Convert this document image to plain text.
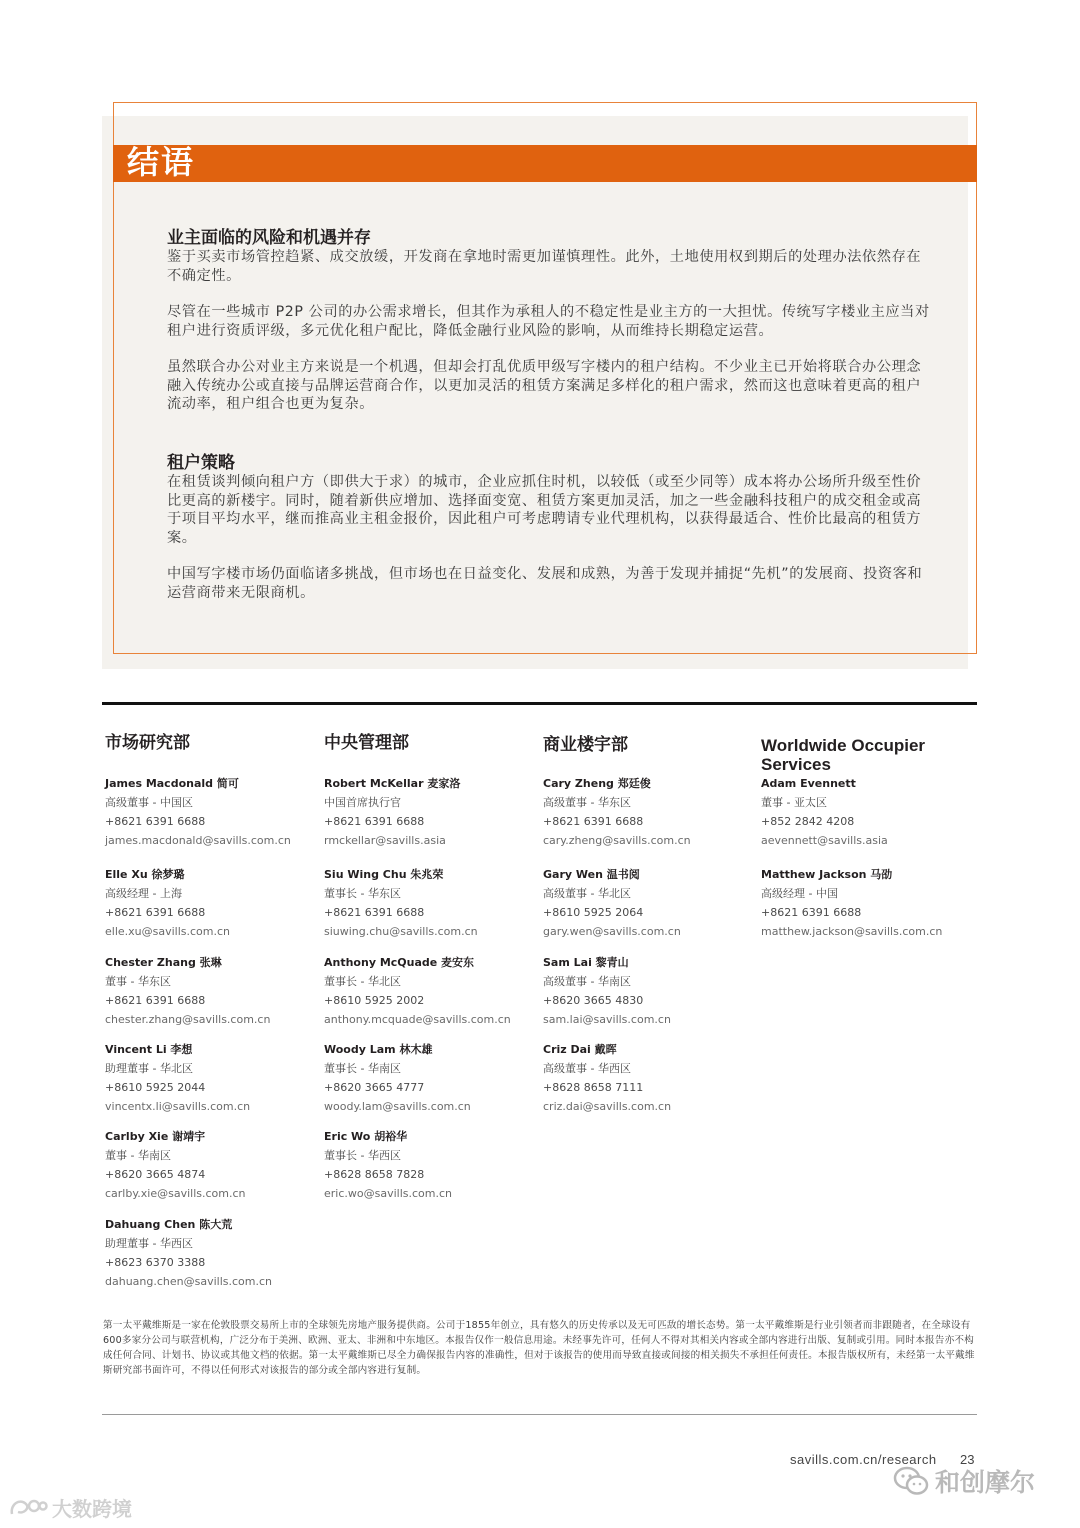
结语

业主面临的风险和机遇并存

鉴于买卖市场管控趋紧、成交放缓，开发商在拿地时需更加谨慎理性。此外，土地使用权到期后的处理办法依然存在不确定性。

尽管在一些城市 P2P 公司的办公需求增长，但其作为承租人的不稳定性是业主方的一大担忧。传统写字楼业主应当对租户进行资质评级，多元优化租户配比，降低金融行业风险的影响，从而维持长期稳定运营。

虽然联合办公对业主方来说是一个机遇，但却会打乱优质甲级写字楼内的租户结构。不少业主已开始将联合办公理念融入传统办公或直接与品牌运营商合作，以更加灵活的租赁方案满足多样化的租户需求，然而这也意味着更高的租户流动率，租户组合也更为复杂。

租户策略

在租赁谈判倾向租户方（即供大于求）的城市，企业应抓住时机，以较低（或至少同等）成本将办公场所升级至性价比更高的新楼宇。同时，随着新供应增加、选择面变宽、租赁方案更加灵活，加之一些金融科技租户的成交租金或高于项目平均水平，继而推高业主租金报价，因此租户可考虑聘请专业代理机构，以获得最适合、性价比最高的租赁方案。

中国写字楼市场仍面临诸多挑战，但市场也在日益变化、发展和成熟，为善于发现并捕捉“先机”的发展商、投资客和运营商带来无限商机。

市场研究部

James Macdonald 简可
高级董事 - 中国区
+8621 6391 6688
james.macdonald@savills.com.cn
Elle Xu 徐梦璐
高级经理 - 上海
+8621 6391 6688
elle.xu@savills.com.cn
Chester Zhang 张琳
董事 - 华东区
+8621 6391 6688
chester.zhang@savills.com.cn
Vincent Li 李想
助理董事 - 华北区
+8610 5925 2044
vincentx.li@savills.com.cn
Carlby Xie 谢靖宇
董事 - 华南区
+8620 3665 4874
carlby.xie@savills.com.cn
Dahuang Chen 陈大荒
助理董事 - 华西区
+8623 6370 3388
dahuang.chen@savills.com.cn

中央管理部

Robert McKellar 麦家洛
中国首席执行官
+8621 6391 6688
rmckellar@savills.asia
Siu Wing Chu 朱兆荣
董事长 - 华东区
+8621 6391 6688
siuwing.chu@savills.com.cn
Anthony McQuade 麦安东
董事长 - 华北区
+8610 5925 2002
anthony.mcquade@savills.com.cn
Woody Lam 林木雄
董事长 - 华南区
+8620 3665 4777
woody.lam@savills.com.cn
Eric Wo 胡裕华
董事长 - 华西区
+8628 8658 7828
eric.wo@savills.com.cn

商业楼宇部

Cary Zheng 郑廷俊
高级董事 - 华东区
+8621 6391 6688
cary.zheng@savills.com.cn
Gary Wen 温书阅
高级董事 - 华北区
+8610 5925 2064
gary.wen@savills.com.cn
Sam Lai 黎青山
高级董事 - 华南区
+8620 3665 4830
sam.lai@savills.com.cn
Criz Dai 戴晖
高级董事 - 华西区
+8628 8658 7111
criz.dai@savills.com.cn

Worldwide Occupier Services

Adam Evennett
董事 - 亚太区
+852 2842 4208
aevennett@savills.asia
Matthew Jackson 马劭
高级经理 - 中国
+8621 6391 6688
matthew.jackson@savills.com.cn
第一太平戴维斯是一家在伦敦股票交易所上市的全球领先房地产服务提供商。公司于1855年创立，具有悠久的历史传承以及无可匹敌的增长态势。第一太平戴维斯是行业引领者而非跟随者，在全球设有600多家分公司与联营机构，广泛分布于美洲、欧洲、亚太、非洲和中东地区。本报告仅作一般信息用途。未经事先许可，任何人不得对其相关内容或全部内容进行出版、复制或引用。同时本报告亦不构成任何合同、计划书、协议或其他文档的依据。第一太平戴维斯已尽全力确保报告内容的准确性，但对于该报告的使用而导致直接或间接的相关损失不承担任何责任。本报告版权所有，未经第一太平戴维斯研究部书面许可，不得以任何形式对该报告的部分或全部内容进行复制。
savills.com.cn/research 23
和创摩尔
大数跨境
